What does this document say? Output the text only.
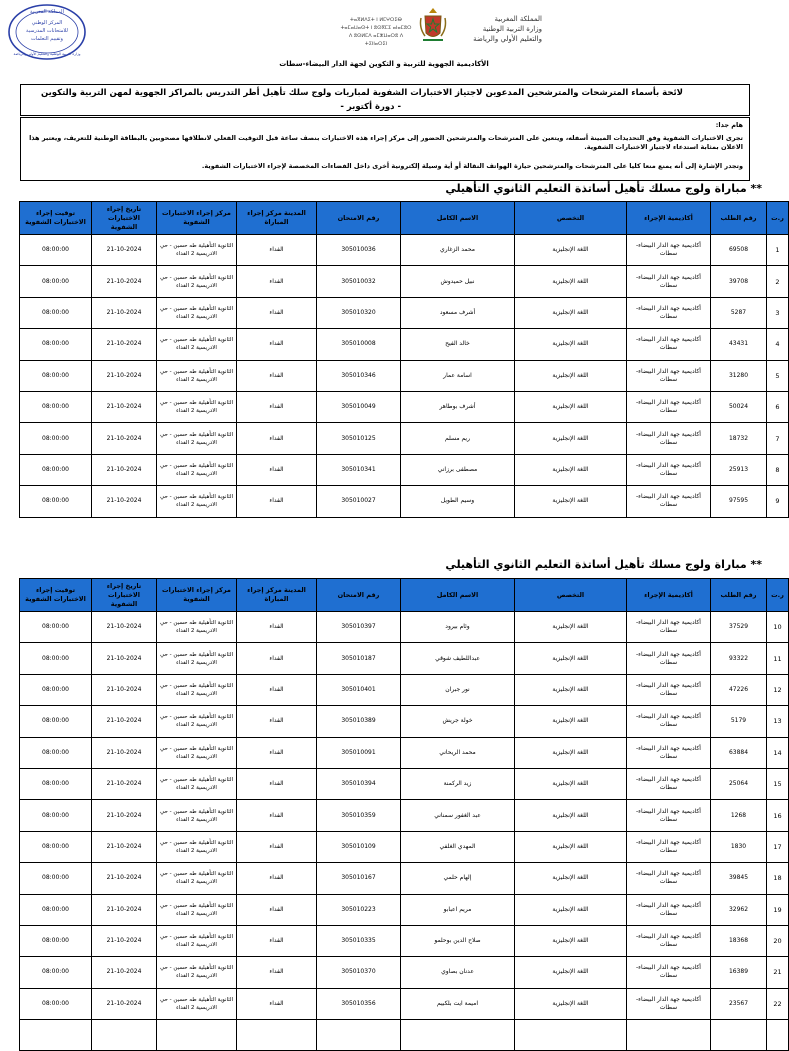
المملكة المغربية
المركز الوطني
للامتحانات المدرسية
وتقييم التعلمات
وزارة التربية الوطنية والتعليم الأولي والرياضة
ⵜⴰⴳⵍⴷⵉⵜ ⵏ ⵍⵎⵖⵔⵉⴱ
ⵜⴰⵎⴰⵡⴰⵙⵜ ⵏ ⵓⵙⴳⵎⵉ ⴰⵏⴰⵎⵓⵔ
ⴷ ⵓⵙⵍⵎⴷ ⴰⵎⵣⵡⴰⵔⵓ ⴷ ⵜⵉⵏⵏⴰⵔⵉⵏ
المملكة المغربية
وزارة التربية الوطنية
والتعليم الأولي والرياضة
الأكاديمية الجهوية للتربية و التكوين لجهة الدار البيضاء-سطات
لائحة بأسماء المترشحات والمترشحين المدعوين لاجتياز الاختبارات الشفوية لمباريات ولوج سلك تأهيل أطر التدريس بالمراكز الجهوية لمهن التربية والتكوين
- دورة أكتوبر -
هام جدا:
تجرى الاختبارات الشفوية وفق التحديدات المبينة أسفله، ويتعين على المترشحات والمترشحين الحضور إلى مركز إجراء هذه الاختبارات بنصف ساعة قبل التوقيت الفعلي لانطلاقها مصحوبين بالبطاقة الوطنية للتعريف، ويعتبر هذا الاعلان بمثابة استدعاء لاجتياز الاختبارات الشفوية.
وتجدر الإشارة إلى أنه يمنع منعا كليا على المترشحات والمترشحين حيازة الهواتف النقالة أو أية وسيلة إلكترونية أخرى داخل الفضاءات المخصصة لإجراء الاختبارات الشفوية.
** مباراة ولوج مسلك تأهيل أساتذة التعليم الثانوي التأهيلي
ر.ت	رقم الطلب	أكاديمية الإجراء	التخصص	الاسم الكامل	رقم الامتحان	المدينة مركز إجراء المباراة	مركز إجراء الاختبارات الشفوية	تاريخ إجراء الاختبارات الشفوية	توقيت إجراء الاختبارات الشفوية
1	69508	أكاديمية جهة الدار البيضاء- سطات	اللغة الإنجليزية	محمد الزغاري	305010036	الفداء	الثانوية التأهيلية طه حسين - حي الادريسية 2 الفداء	21-10-2024	08:00:00
2	39708	أكاديمية جهة الدار البيضاء- سطات	اللغة الإنجليزية	نبيل حميدوش	305010032	الفداء	الثانوية التأهيلية طه حسين - حي الادريسية 2 الفداء	21-10-2024	08:00:00
3	5287	أكاديمية جهة الدار البيضاء- سطات	اللغة الإنجليزية	أشرف مسعود	305010320	الفداء	الثانوية التأهيلية طه حسين - حي الادريسية 2 الفداء	21-10-2024	08:00:00
4	43431	أكاديمية جهة الدار البيضاء- سطات	اللغة الإنجليزية	خالد الفيح	305010008	الفداء	الثانوية التأهيلية طه حسين - حي الادريسية 2 الفداء	21-10-2024	08:00:00
5	31280	أكاديمية جهة الدار البيضاء- سطات	اللغة الإنجليزية	اسامة عمار	305010346	الفداء	الثانوية التأهيلية طه حسين - حي الادريسية 2 الفداء	21-10-2024	08:00:00
6	50024	أكاديمية جهة الدار البيضاء- سطات	اللغة الإنجليزية	أشرف بوطاهر	305010049	الفداء	الثانوية التأهيلية طه حسين - حي الادريسية 2 الفداء	21-10-2024	08:00:00
7	18732	أكاديمية جهة الدار البيضاء- سطات	اللغة الإنجليزية	ريم مسلم	305010125	الفداء	الثانوية التأهيلية طه حسين - حي الادريسية 2 الفداء	21-10-2024	08:00:00
8	25913	أكاديمية جهة الدار البيضاء- سطات	اللغة الإنجليزية	مصطفى برزاني	305010341	الفداء	الثانوية التأهيلية طه حسين - حي الادريسية 2 الفداء	21-10-2024	08:00:00
9	97595	أكاديمية جهة الدار البيضاء- سطات	اللغة الإنجليزية	وسيم الطويل	305010027	الفداء	الثانوية التأهيلية طه حسين - حي الادريسية 2 الفداء	21-10-2024	08:00:00
** مباراة ولوج مسلك تأهيل أساتذة التعليم الثانوي التأهيلي
ر.ت	رقم الطلب	أكاديمية الإجراء	التخصص	الاسم الكامل	رقم الامتحان	المدينة مركز إجراء المباراة	مركز إجراء الاختبارات الشفوية	تاريخ إجراء الاختبارات الشفوية	توقيت إجراء الاختبارات الشفوية
10	37529	أكاديمية جهة الدار البيضاء- سطات	اللغة الإنجليزية	وئام بيرود	305010397	الفداء	الثانوية التأهيلية طه حسين - حي الادريسية 2 الفداء	21-10-2024	08:00:00
11	93322	أكاديمية جهة الدار البيضاء- سطات	اللغة الإنجليزية	عبداللطيف شوقي	305010187	الفداء	الثانوية التأهيلية طه حسين - حي الادريسية 2 الفداء	21-10-2024	08:00:00
12	47226	أكاديمية جهة الدار البيضاء- سطات	اللغة الإنجليزية	نور جبران	305010401	الفداء	الثانوية التأهيلية طه حسين - حي الادريسية 2 الفداء	21-10-2024	08:00:00
13	5179	أكاديمية جهة الدار البيضاء- سطات	اللغة الإنجليزية	خولة جريش	305010389	الفداء	الثانوية التأهيلية طه حسين - حي الادريسية 2 الفداء	21-10-2024	08:00:00
14	63884	أكاديمية جهة الدار البيضاء- سطات	اللغة الإنجليزية	محمد الريحاني	305010091	الفداء	الثانوية التأهيلية طه حسين - حي الادريسية 2 الفداء	21-10-2024	08:00:00
15	25064	أكاديمية جهة الدار البيضاء- سطات	اللغة الإنجليزية	زيد الركمنة	305010394	الفداء	الثانوية التأهيلية طه حسين - حي الادريسية 2 الفداء	21-10-2024	08:00:00
16	1268	أكاديمية جهة الدار البيضاء- سطات	اللغة الإنجليزية	عبد الغفور سمناني	305010359	الفداء	الثانوية التأهيلية طه حسين - حي الادريسية 2 الفداء	21-10-2024	08:00:00
17	1830	أكاديمية جهة الدار البيضاء- سطات	اللغة الإنجليزية	المهدي الغلفي	305010109	الفداء	الثانوية التأهيلية طه حسين - حي الادريسية 2 الفداء	21-10-2024	08:00:00
18	39845	أكاديمية جهة الدار البيضاء- سطات	اللغة الإنجليزية	إلهام حلمي	305010167	الفداء	الثانوية التأهيلية طه حسين - حي الادريسية 2 الفداء	21-10-2024	08:00:00
19	32962	أكاديمية جهة الدار البيضاء- سطات	اللغة الإنجليزية	مريم اعبابو	305010223	الفداء	الثانوية التأهيلية طه حسين - حي الادريسية 2 الفداء	21-10-2024	08:00:00
20	18368	أكاديمية جهة الدار البيضاء- سطات	اللغة الإنجليزية	صلاح الدين بوحلمو	305010335	الفداء	الثانوية التأهيلية طه حسين - حي الادريسية 2 الفداء	21-10-2024	08:00:00
21	16389	أكاديمية جهة الدار البيضاء- سطات	اللغة الإنجليزية	عدنان بصاوي	305010370	الفداء	الثانوية التأهيلية طه حسين - حي الادريسية 2 الفداء	21-10-2024	08:00:00
22	23567	أكاديمية جهة الدار البيضاء- سطات	اللغة الإنجليزية	اميمة ايت بلكبيم	305010356	الفداء	الثانوية التأهيلية طه حسين - حي الادريسية 2 الفداء	21-10-2024	08:00:00
